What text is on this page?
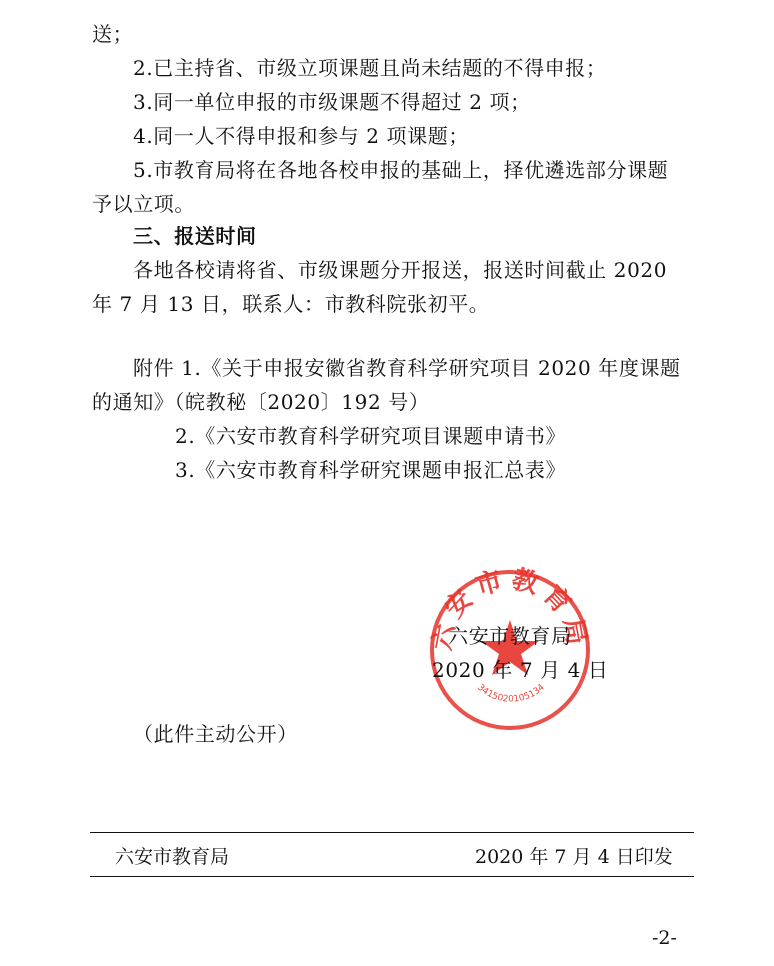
送；
2.已主持省、市级立项课题且尚未结题的不得申报；
3.同一单位申报的市级课题不得超过 2 项；
4.同一人不得申报和参与 2 项课题；
5.市教育局将在各地各校申报的基础上，择优遴选部分课题
予以立项。
三、报送时间
各地各校请将省、市级课题分开报送，报送时间截止 2020
年 7 月 13 日，联系人：市教科院张初平。
附件 1.《关于申报安徽省教育科学研究项目 2020 年度课题
的通知》（皖教秘〔2020〕192 号）
2.《六安市教育科学研究项目课题申请书》
3.《六安市教育科学研究课题申报汇总表》
六安市教育局
3415020105134
六安市教育局
2020 年 7 月 4 日
（此件主动公开）
六安市教育局	2020 年 7 月 4 日印发
-2-
